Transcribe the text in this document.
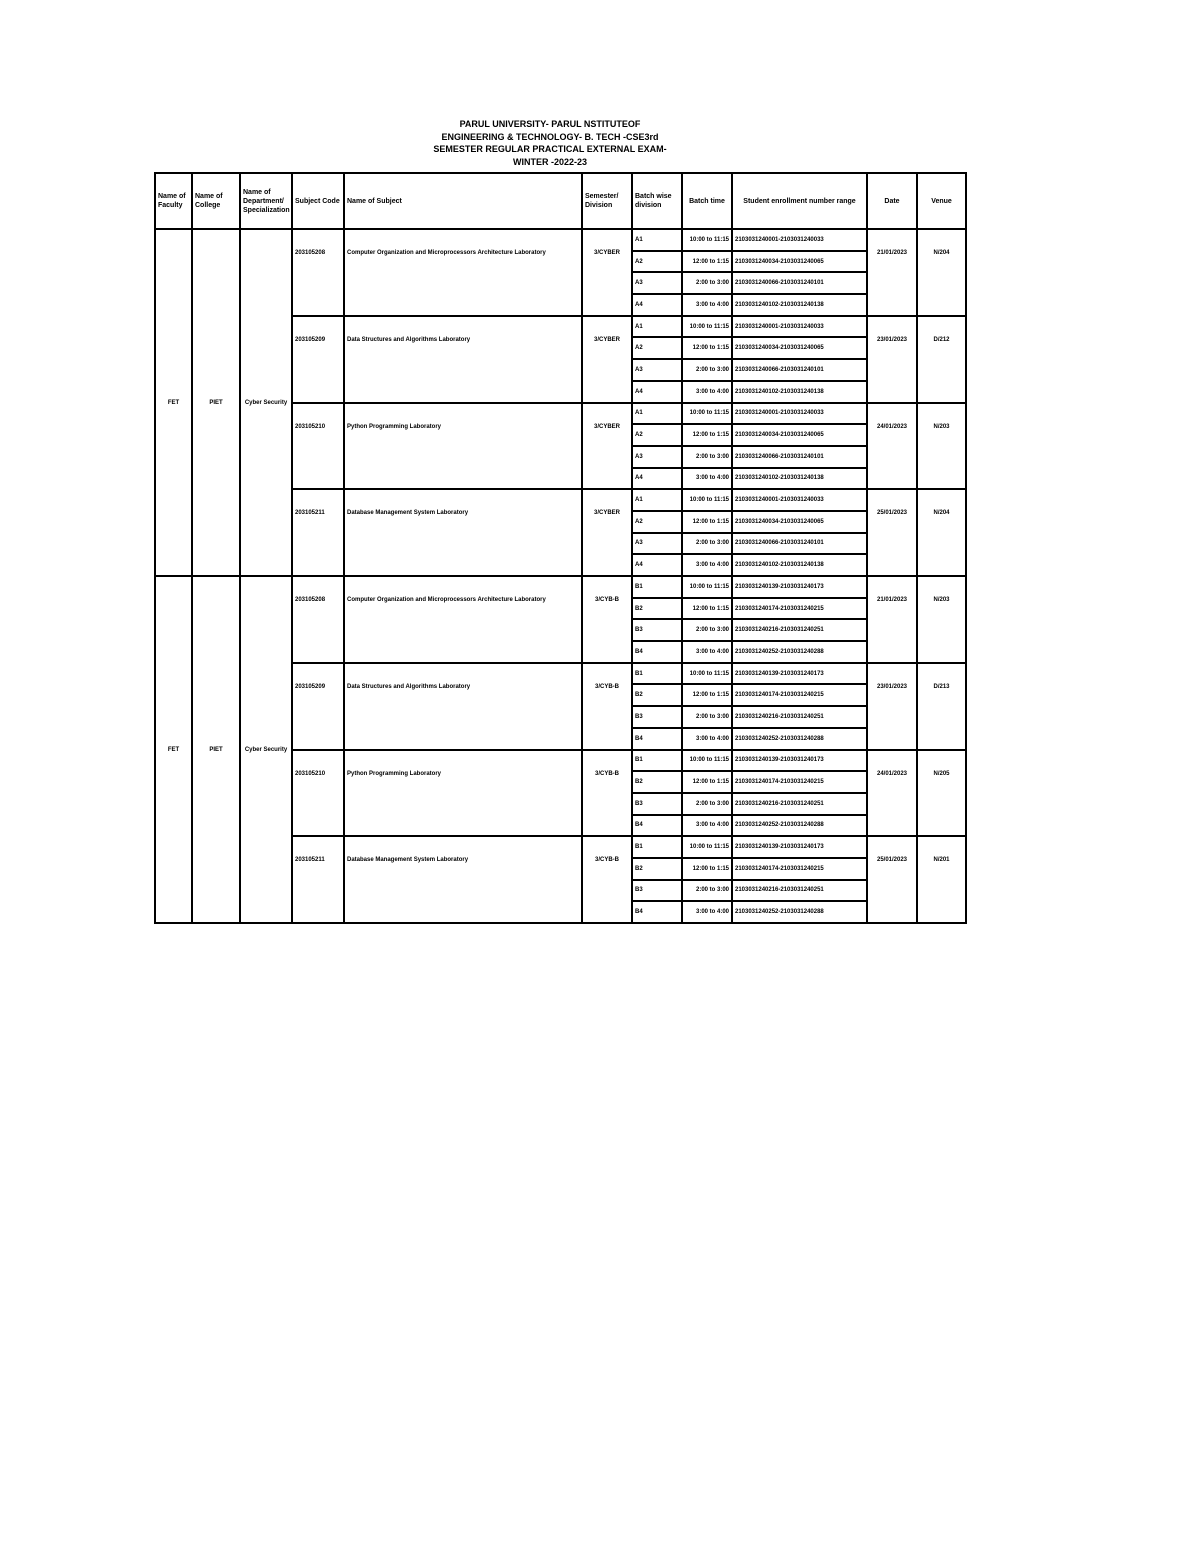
PARUL UNIVERSITY- PARUL NSTITUTEOF
ENGINEERING & TECHNOLOGY- B. TECH -CSE3rd
SEMESTER REGULAR PRACTICAL EXTERNAL EXAM-
WINTER -2022-23
Name of Faculty	Name of College	Name of Department/ Specialization	Subject Code	Name of Subject	Semester/ Division	Batch wise division	Batch time	Student enrollment number range	Date	Venue
FET	PIET	Cyber Security	203105208	Computer Organization and Microprocessors Architecture Laboratory	3/CYBER	A1	10:00 to 11:15	2103031240001-2103031240033	21/01/2023	N/204
						A2	12:00 to 1:15	2103031240034-2103031240065		
						A3	2:00 to 3:00	2103031240066-2103031240101		
						A4	3:00 to 4:00	2103031240102-2103031240138		
			203105209	Data Structures and Algorithms Laboratory	3/CYBER	A1	10:00 to 11:15	2103031240001-2103031240033	23/01/2023	D/212
						A2	12:00 to 1:15	2103031240034-2103031240065		
						A3	2:00 to 3:00	2103031240066-2103031240101		
						A4	3:00 to 4:00	2103031240102-2103031240138		
			203105210	Python Programming Laboratory	3/CYBER	A1	10:00 to 11:15	2103031240001-2103031240033	24/01/2023	N/203
						A2	12:00 to 1:15	2103031240034-2103031240065		
						A3	2:00 to 3:00	2103031240066-2103031240101		
						A4	3:00 to 4:00	2103031240102-2103031240138		
			203105211	Database Management System Laboratory	3/CYBER	A1	10:00 to 11:15	2103031240001-2103031240033	25/01/2023	N/204
						A2	12:00 to 1:15	2103031240034-2103031240065		
						A3	2:00 to 3:00	2103031240066-2103031240101		
						A4	3:00 to 4:00	2103031240102-2103031240138		
FET	PIET	Cyber Security	203105208	Computer Organization and Microprocessors Architecture Laboratory	3/CYB-B	B1	10:00 to 11:15	2103031240139-2103031240173	21/01/2023	N/203
						B2	12:00 to 1:15	2103031240174-2103031240215		
						B3	2:00 to 3:00	2103031240216-2103031240251		
						B4	3:00 to 4:00	2103031240252-2103031240288		
			203105209	Data Structures and Algorithms Laboratory	3/CYB-B	B1	10:00 to 11:15	2103031240139-2103031240173	23/01/2023	D/213
						B2	12:00 to 1:15	2103031240174-2103031240215		
						B3	2:00 to 3:00	2103031240216-2103031240251		
						B4	3:00 to 4:00	2103031240252-2103031240288		
			203105210	Python Programming Laboratory	3/CYB-B	B1	10:00 to 11:15	2103031240139-2103031240173	24/01/2023	N/205
						B2	12:00 to 1:15	2103031240174-2103031240215		
						B3	2:00 to 3:00	2103031240216-2103031240251		
						B4	3:00 to 4:00	2103031240252-2103031240288		
			203105211	Database Management System Laboratory	3/CYB-B	B1	10:00 to 11:15	2103031240139-2103031240173	25/01/2023	N/201
						B2	12:00 to 1:15	2103031240174-2103031240215		
						B3	2:00 to 3:00	2103031240216-2103031240251		
						B4	3:00 to 4:00	2103031240252-2103031240288		
